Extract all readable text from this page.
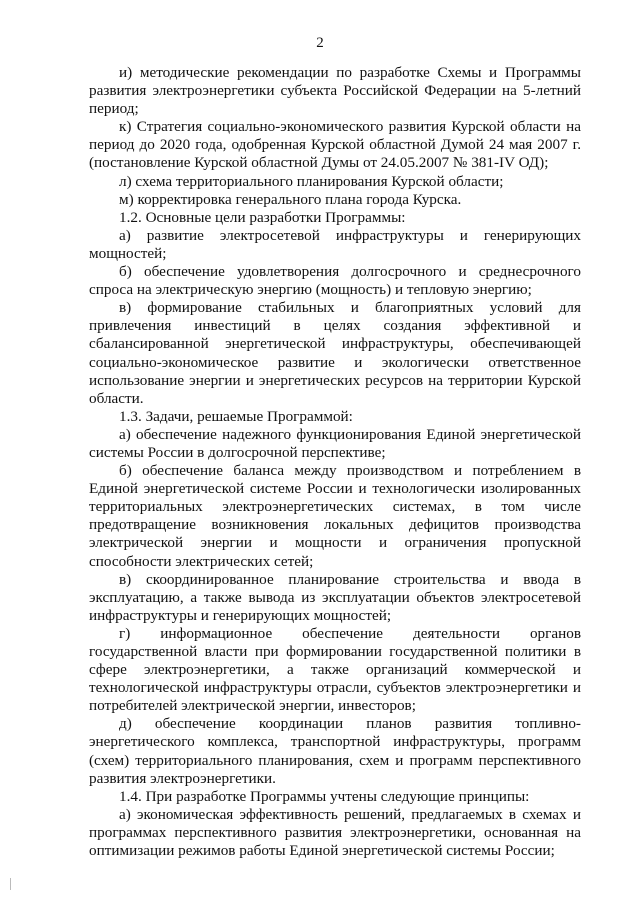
2

и) методические рекомендации по разработке Схемы и Программы развития электроэнергетики субъекта Российской Федерации на 5-летний период;

к) Стратегия социально-экономического развития Курской области на период до 2020 года, одобренная Курской областной Думой 24 мая 2007 г. (постановление Курской областной Думы от 24.05.2007 № 381-IV ОД);

л) схема территориального планирования Курской области;

м) корректировка генерального плана города Курска.

1.2. Основные цели разработки Программы:

а) развитие электросетевой инфраструктуры и генерирующих мощностей;

б) обеспечение удовлетворения долгосрочного и среднесрочного спроса на электрическую энергию (мощность) и тепловую энергию;

в) формирование стабильных и благоприятных условий для привлечения инвестиций в целях создания эффективной и сбалансированной энергетической инфраструктуры, обеспечивающей социально-экономическое развитие и экологически ответственное использование энергии и энергетических ресурсов на территории Курской области.

1.3. Задачи, решаемые Программой:

а) обеспечение надежного функционирования Единой энергетической системы России в долгосрочной перспективе;

б) обеспечение баланса между производством и потреблением в Единой энергетической системе России и технологически изолированных территориальных электроэнергетических системах, в том числе предотвращение возникновения локальных дефицитов производства электрической энергии и мощности и ограничения пропускной способности электрических сетей;

в) скоординированное планирование строительства и ввода в эксплуатацию, а также вывода из эксплуатации объектов электросетевой инфраструктуры и генерирующих мощностей;

г) информационное обеспечение деятельности органов государственной власти при формировании государственной политики в сфере электроэнергетики, а также организаций коммерческой и технологической инфраструктуры отрасли, субъектов электроэнергетики и потребителей электрической энергии, инвесторов;

д) обеспечение координации планов развития топливно-энергетического комплекса, транспортной инфраструктуры, программ (схем) территориального планирования, схем и программ перспективного развития электроэнергетики.

1.4. При разработке Программы учтены следующие принципы:

а) экономическая эффективность решений, предлагаемых в схемах и программах перспективного развития электроэнергетики, основанная на оптимизации режимов работы Единой энергетической системы России;
